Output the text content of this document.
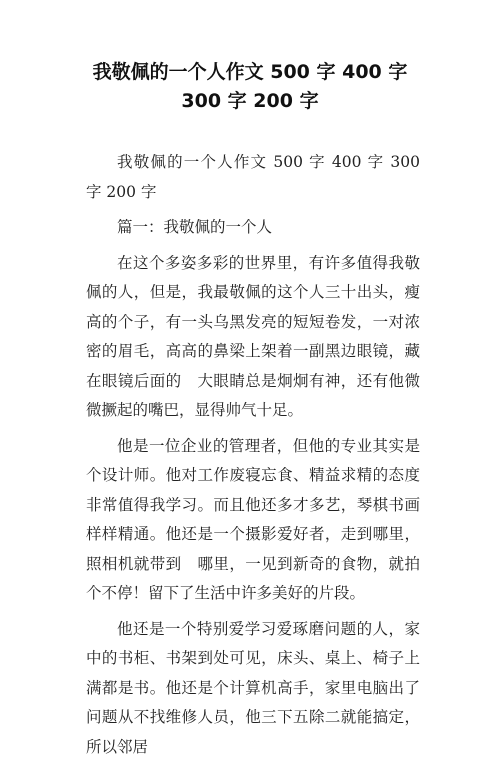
我敬佩的一个人作文 500 字 400 字
300 字 200 字

我敬佩的一个人作文 500 字 400 字 300 字 200 字

篇一：我敬佩的一个人

在这个多姿多彩的世界里，有许多值得我敬佩的人，但是，我最敬佩的这个人三十出头，瘦高的个子，有一头乌黑发亮的短短卷发，一对浓密的眉毛，高高的鼻梁上架着一副黑边眼镜，藏在眼镜后面的　大眼睛总是炯炯有神，还有他微微撅起的嘴巴，显得帅气十足。

他是一位企业的管理者，但他的专业其实是个设计师。他对工作废寝忘食、精益求精的态度非常值得我学习。而且他还多才多艺，琴棋书画样样精通。他还是一个摄影爱好者，走到哪里，照相机就带到　哪里，一见到新奇的食物，就拍个不停！留下了生活中许多美好的片段。

他还是一个特别爱学习爱琢磨问题的人，家中的书柜、书架到处可见，床头、桌上、椅子上满都是书。他还是个计算机高手，家里电脑出了问题从不找维修人员，他三下五除二就能搞定，所以邻居
